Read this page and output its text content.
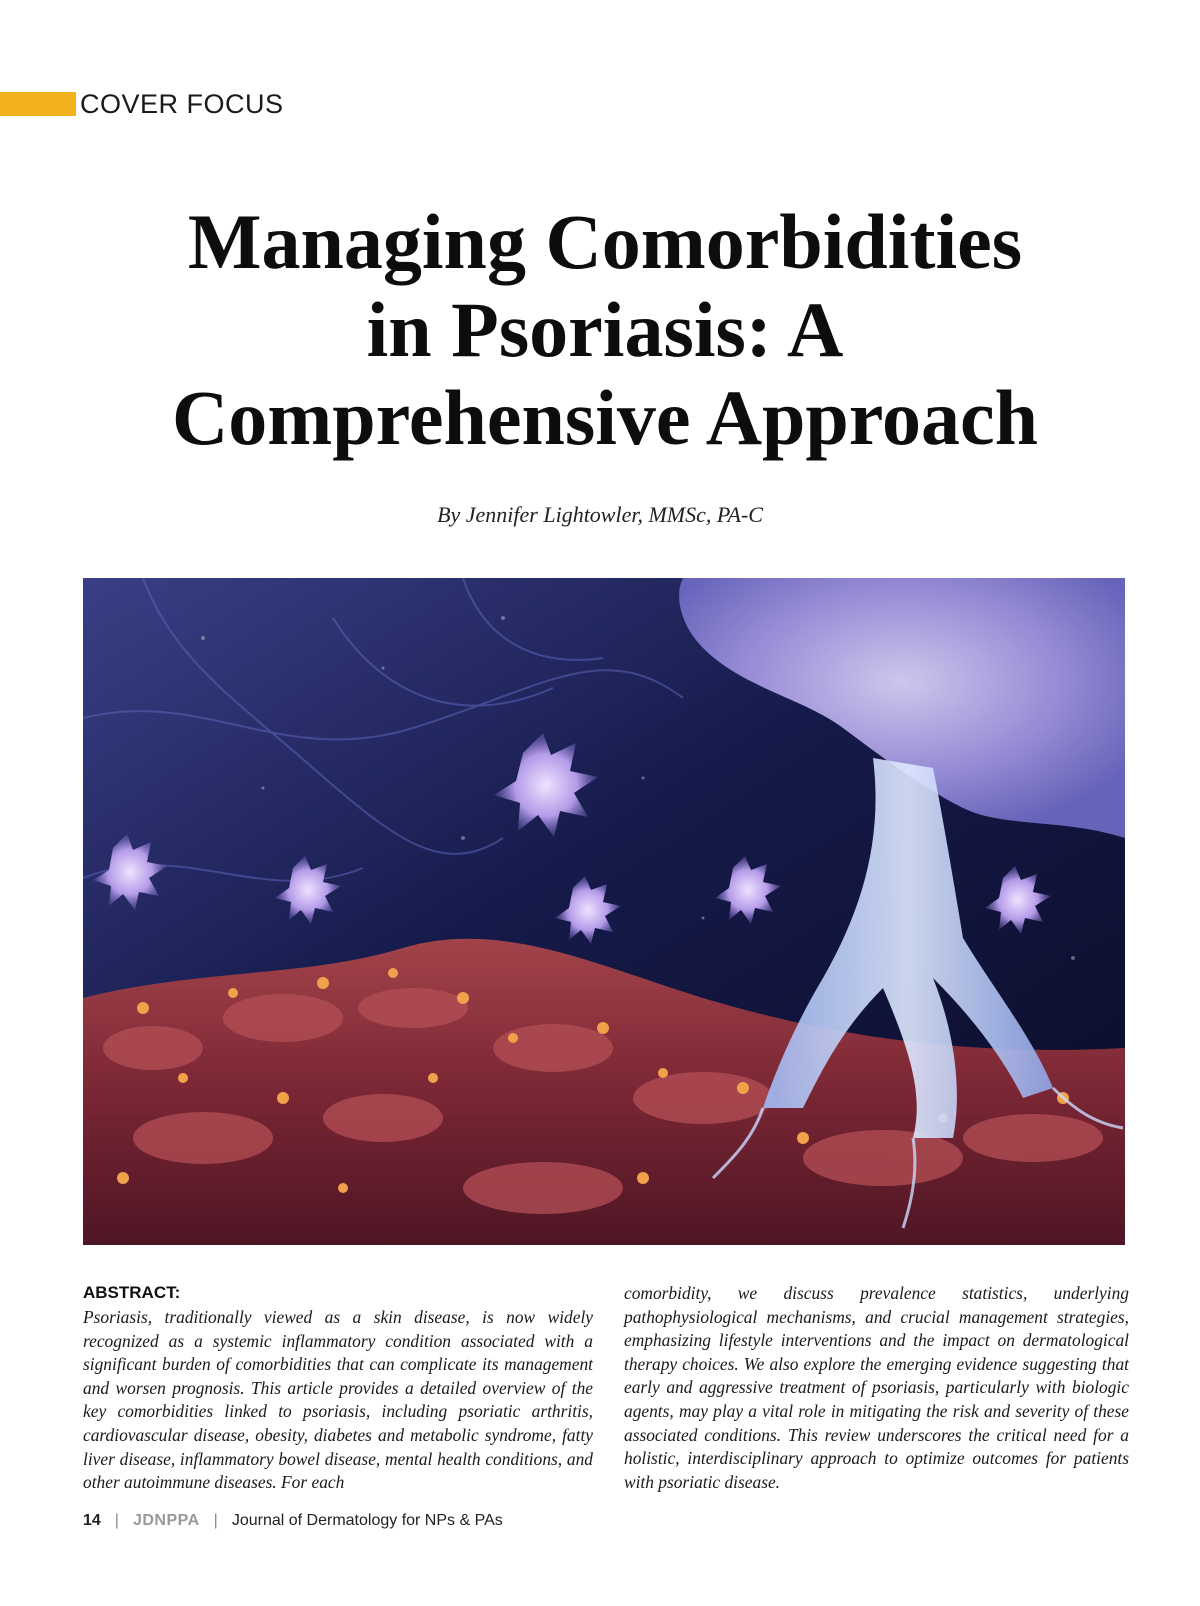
COVER FOCUS
Managing Comorbidities
in Psoriasis: A
Comprehensive Approach
By Jennifer Lightowler, MMSc, PA-C
ABSTRACT:

Psoriasis, traditionally viewed as a skin disease, is now widely recognized as a systemic inflammatory condition associated with a significant burden of comorbidities that can complicate its management and worsen prognosis. This article provides a detailed overview of the key comorbidities linked to psoriasis, including psoriatic arthritis, cardiovascular disease, obesity, diabetes and metabolic syndrome, fatty liver disease, inflammatory bowel disease, mental health conditions, and other autoimmune diseases. For each

comorbidity, we discuss prevalence statistics, underlying pathophysiological mechanisms, and crucial management strategies, emphasizing lifestyle interventions and the impact on dermatological therapy choices. We also explore the emerging evidence suggesting that early and aggressive treatment of psoriasis, particularly with biologic agents, may play a vital role in mitigating the risk and severity of these associated conditions. This review underscores the critical need for a holistic, interdisciplinary approach to optimize outcomes for patients with psoriatic disease.

14 | JDNPPA | Journal of Dermatology for NPs & PAs
